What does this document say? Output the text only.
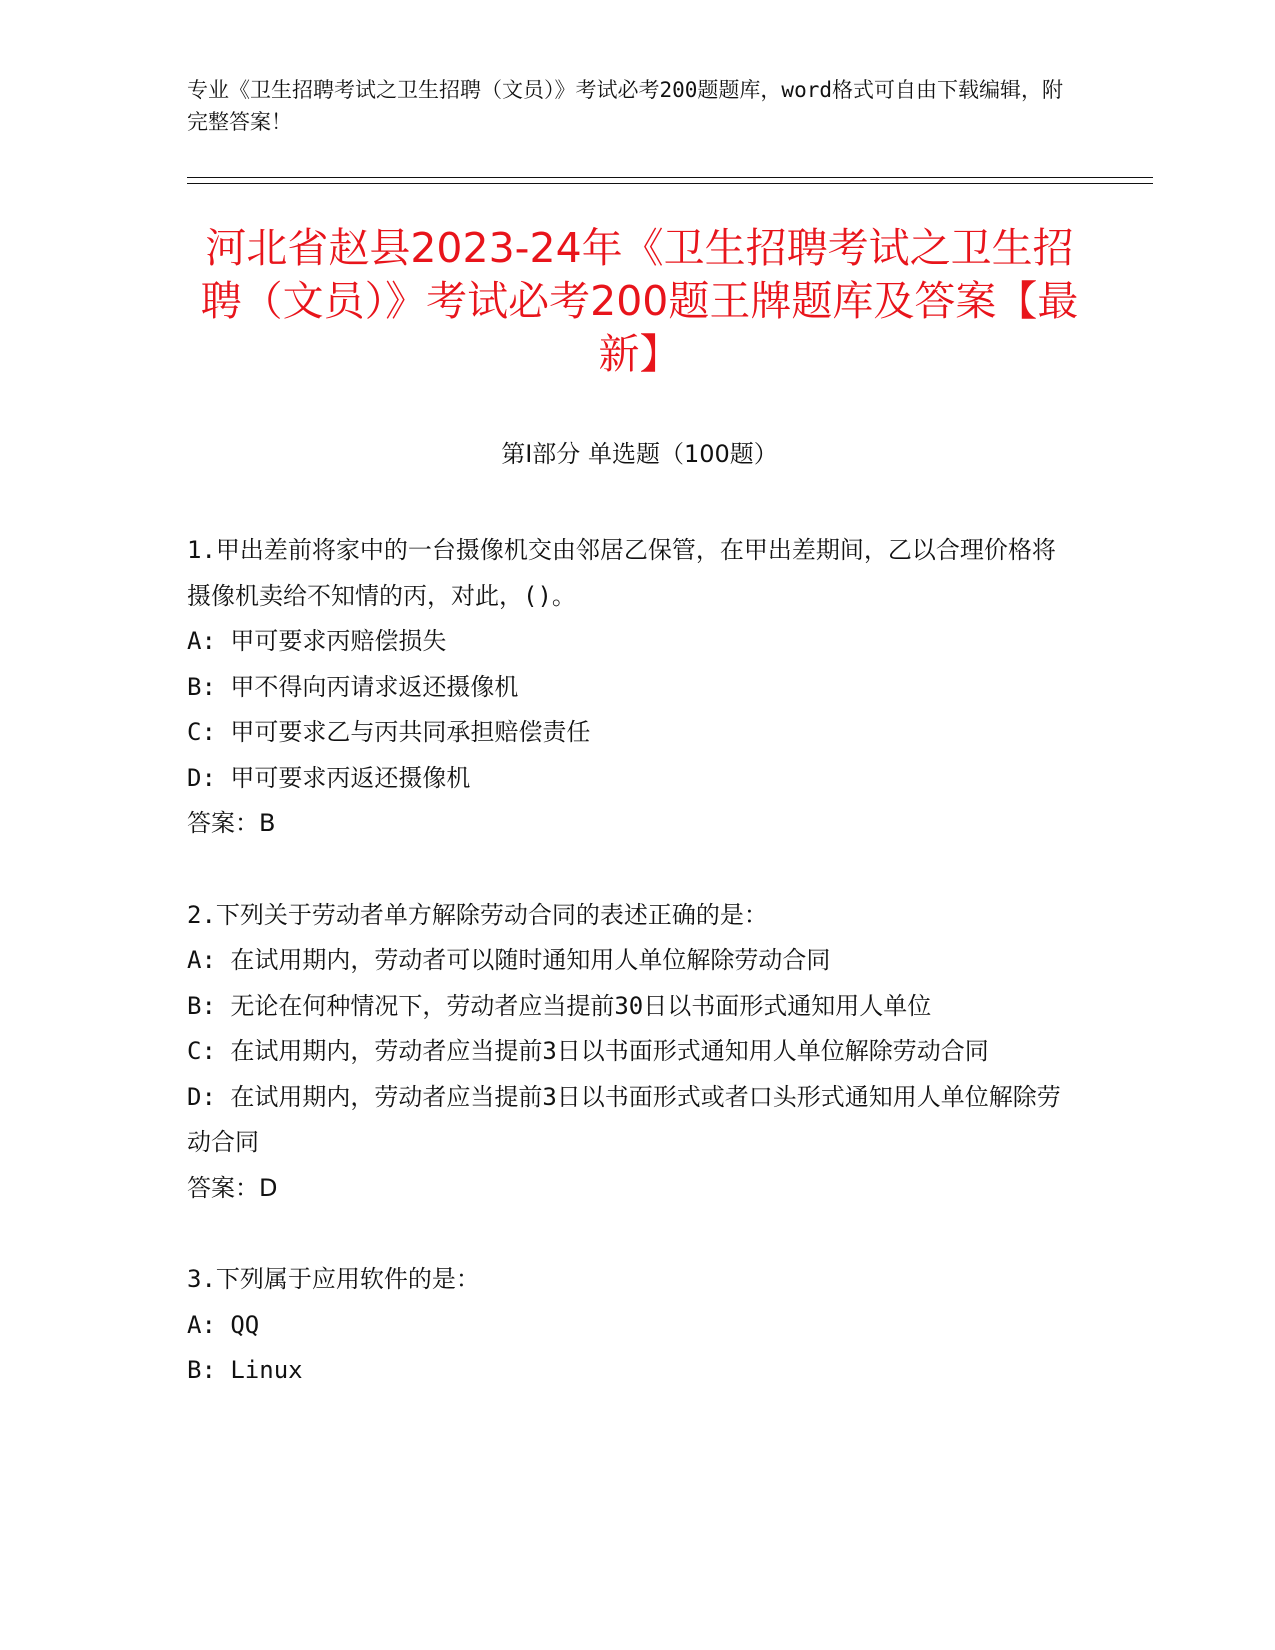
专业《卫生招聘考试之卫生招聘（文员）》考试必考200题题库，word格式可自由下载编辑，附完整答案！
河北省赵县2023-24年《卫生招聘考试之卫生招聘（文员）》考试必考200题王牌题库及答案【最新】
第I部分 单选题（100题）

1.甲出差前将家中的一台摄像机交由邻居乙保管，在甲出差期间，乙以合理价格将摄像机卖给不知情的丙，对此，()。

A: 甲可要求丙赔偿损失

B: 甲不得向丙请求返还摄像机

C: 甲可要求乙与丙共同承担赔偿责任

D: 甲可要求丙返还摄像机

答案：B

2.下列关于劳动者单方解除劳动合同的表述正确的是：

A: 在试用期内，劳动者可以随时通知用人单位解除劳动合同

B: 无论在何种情况下，劳动者应当提前30日以书面形式通知用人单位

C: 在试用期内，劳动者应当提前3日以书面形式通知用人单位解除劳动合同

D: 在试用期内，劳动者应当提前3日以书面形式或者口头形式通知用人单位解除劳动合同

答案：D

3.下列属于应用软件的是：

A: QQ

B: Linux
